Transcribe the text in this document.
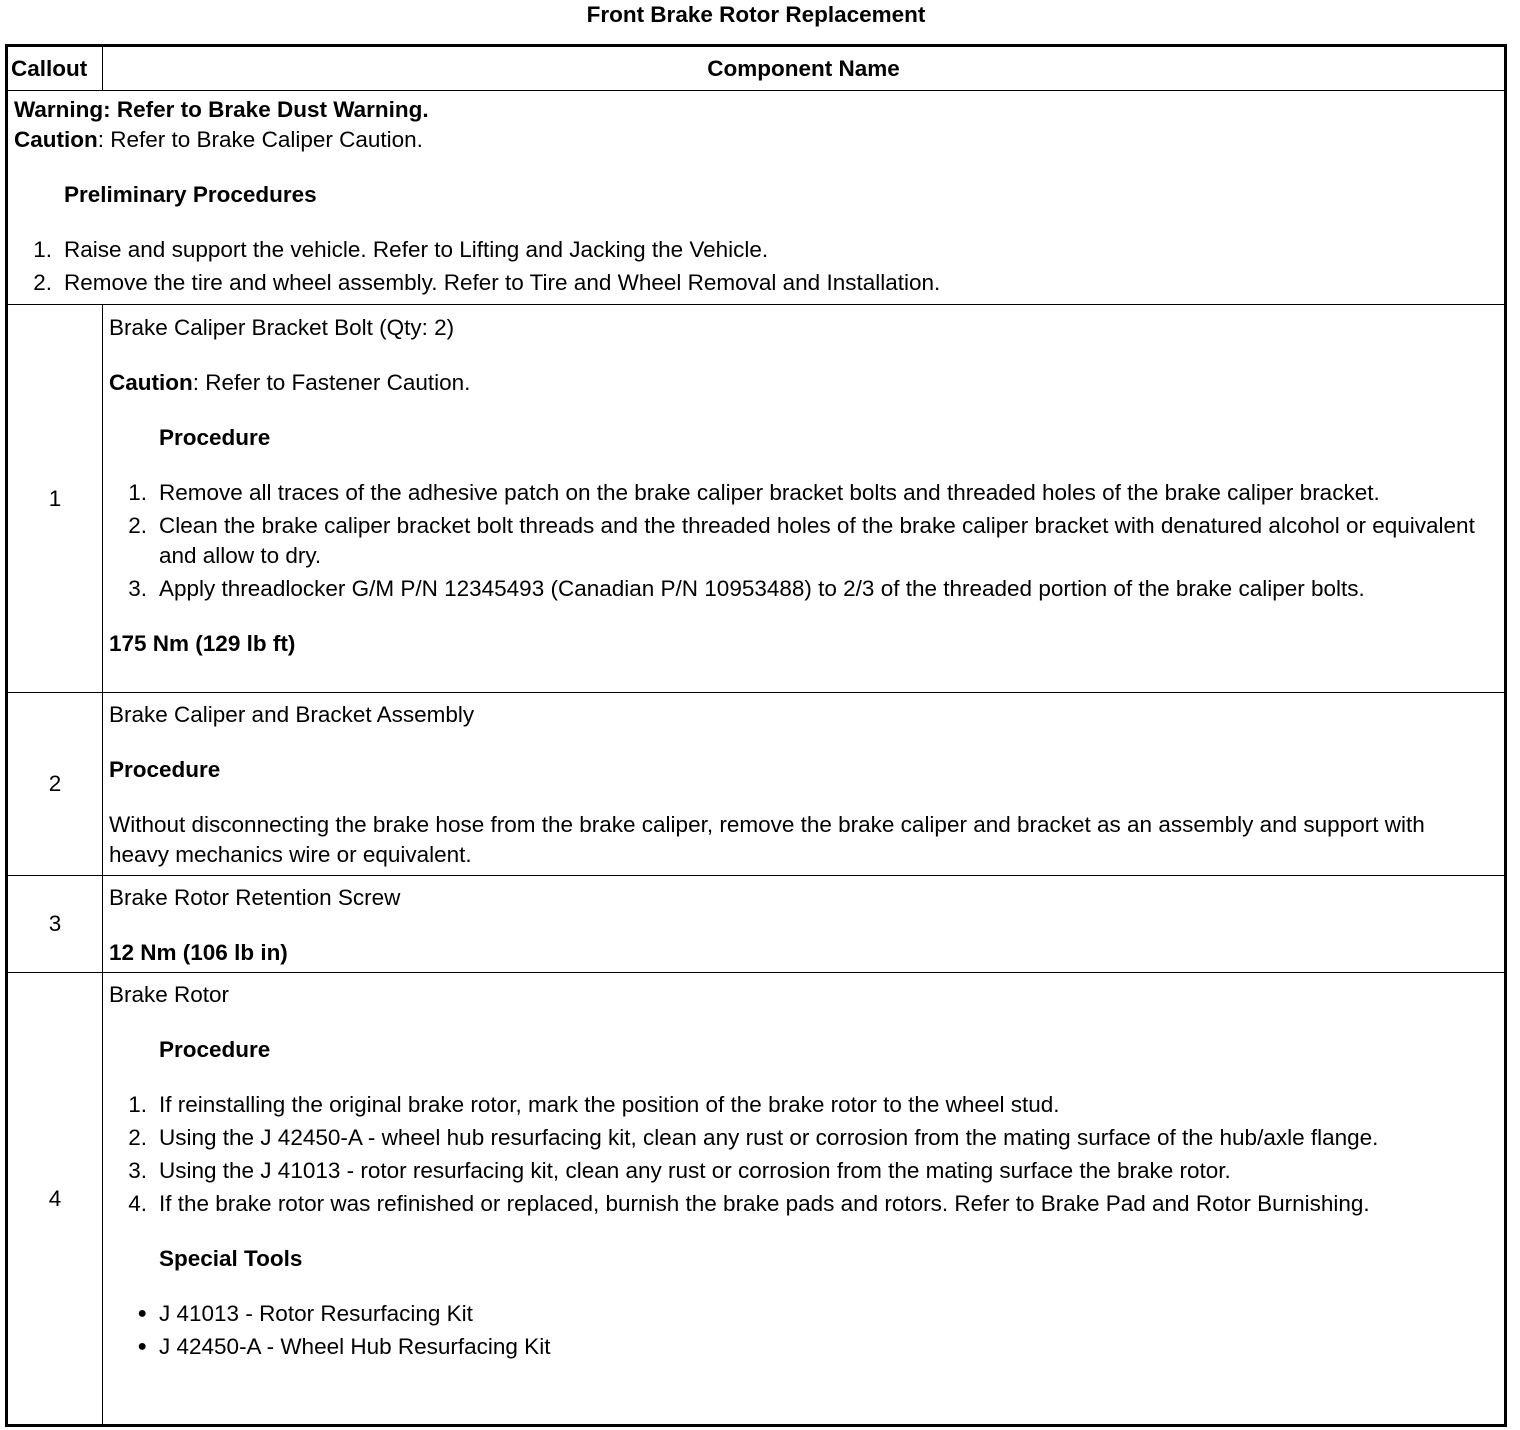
Front Brake Rotor Replacement
Callout	Component Name
Warning: Refer to Brake Dust Warning.
Caution: Refer to Brake Caliper Caution.
Preliminary Procedures
1. Raise and support the vehicle. Refer to Lifting and Jacking the Vehicle.
2. Remove the tire and wheel assembly. Refer to Tire and Wheel Removal and Installation.
1
Brake Caliper Bracket Bolt (Qty: 2)
Caution: Refer to Fastener Caution.
Procedure
1. Remove all traces of the adhesive patch on the brake caliper bracket bolts and threaded holes of the brake caliper bracket.
2. Clean the brake caliper bracket bolt threads and the threaded holes of the brake caliper bracket with denatured alcohol or equivalent and allow to dry.
3. Apply threadlocker G/M P/N 12345493 (Canadian P/N 10953488) to 2/3 of the threaded portion of the brake caliper bolts.
175 Nm (129 lb ft)
2
Brake Caliper and Bracket Assembly
Procedure
Without disconnecting the brake hose from the brake caliper, remove the brake caliper and bracket as an assembly and support with heavy mechanics wire or equivalent.
3
Brake Rotor Retention Screw
12 Nm (106 lb in)
4
Brake Rotor
Procedure
1. If reinstalling the original brake rotor, mark the position of the brake rotor to the wheel stud.
2. Using the J 42450-A - wheel hub resurfacing kit, clean any rust or corrosion from the mating surface of the hub/axle flange.
3. Using the J 41013 - rotor resurfacing kit, clean any rust or corrosion from the mating surface the brake rotor.
4. If the brake rotor was refinished or replaced, burnish the brake pads and rotors. Refer to Brake Pad and Rotor Burnishing.
Special Tools
● J 41013 - Rotor Resurfacing Kit
● J 42450-A - Wheel Hub Resurfacing Kit
